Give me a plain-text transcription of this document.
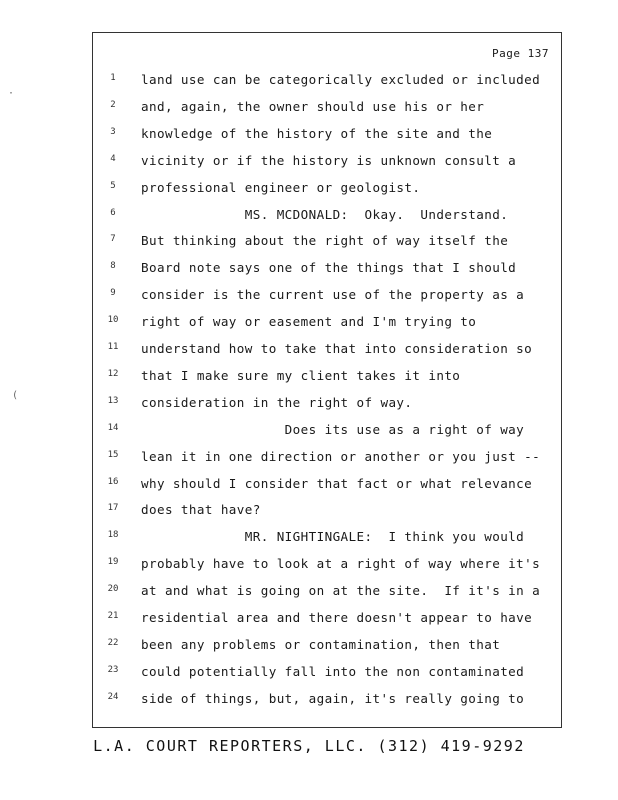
Page 137
1	land use can be categorically excluded or included
2	and, again, the owner should use his or her
3	knowledge of the history of the site and the
4	vicinity or if the history is unknown consult a
5	professional engineer or geologist.
6	MS. MCDONALD:  Okay.  Understand.
7	But thinking about the right of way itself the
8	Board note says one of the things that I should
9	consider is the current use of the property as a
10	right of way or easement and I'm trying to
11	understand how to take that into consideration so
12	that I make sure my client takes it into
13	consideration in the right of way.
14	Does its use as a right of way
15	lean it in one direction or another or you just --
16	why should I consider that fact or what relevance
17	does that have?
18	MR. NIGHTINGALE:  I think you would
19	probably have to look at a right of way where it's
20	at and what is going on at the site.  If it's in a
21	residential area and there doesn't appear to have
22	been any problems or contamination, then that
23	could potentially fall into the non contaminated
24	side of things, but, again, it's really going to
·
(
L.A. COURT REPORTERS, LLC. (312) 419-9292
